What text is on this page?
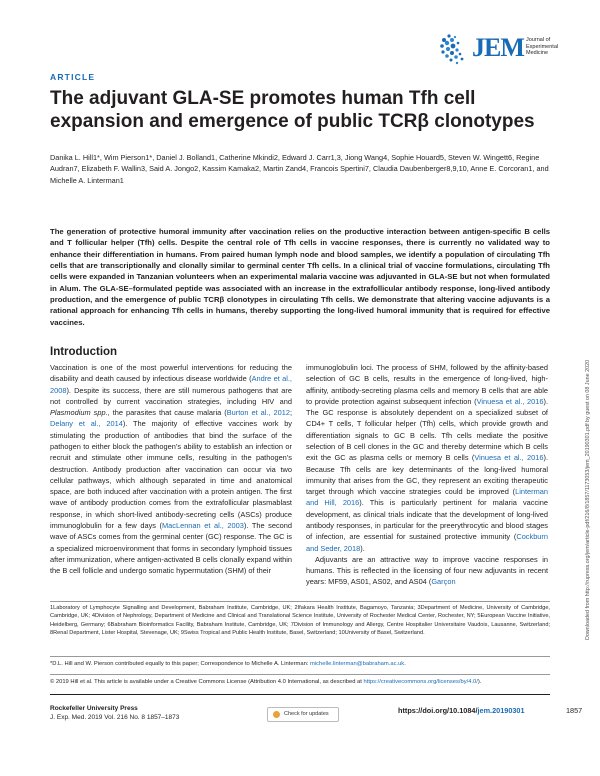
JEM Journal of
Experimental
Medicine
ARTICLE
The adjuvant GLA-SE promotes human Tfh cell expansion and emergence of public TCRβ clonotypes
Danika L. Hill1*, Wim Pierson1*, Daniel J. Bolland1, Catherine Mkindi2, Edward J. Carr1,3, Jiong Wang4, Sophie Houard5, Steven W. Wingett6, Regine Audran7, Elizabeth F. Wallin3, Said A. Jongo2, Kassim Kamaka2, Martin Zand4, Francois Spertini7, Claudia Daubenberger8,9,10, Anne E. Corcoran1, and Michelle A. Linterman1
The generation of protective humoral immunity after vaccination relies on the productive interaction between antigen-specific B cells and T follicular helper (Tfh) cells. Despite the central role of Tfh cells in vaccine responses, there is currently no validated way to enhance their differentiation in humans. From paired human lymph node and blood samples, we identify a population of circulating Tfh cells that are transcriptionally and clonally similar to germinal center Tfh cells. In a clinical trial of vaccine formulations, circulating Tfh cells were expanded in Tanzanian volunteers when an experimental malaria vaccine was adjuvanted in GLA-SE but not when formulated in Alum. The GLA-SE–formulated peptide was associated with an increase in the extrafollicular antibody response, long-lived antibody production, and the emergence of public TCRβ clonotypes in circulating Tfh cells. We demonstrate that altering vaccine adjuvants is a rational approach for enhancing Tfh cells in humans, thereby supporting the long-lived humoral immunity that is required for effective vaccines.
Downloaded from http://rupress.org/jem/article-pdf/216/8/1857/1173053/jem_20190301.pdf by guest on 08 June 2020
Introduction

Vaccination is one of the most powerful interventions for reducing the disability and death caused by infectious disease worldwide (Andre et al., 2008). Despite its success, there are still numerous pathogens that are not controlled by current vaccination strategies, including HIV and Plasmodium spp., the parasites that cause malaria (Burton et al., 2012; Delany et al., 2014). The majority of effective vaccines work by stimulating the production of antibodies that bind the surface of the pathogen to either block the pathogen’s ability to establish an infection or recruit and stimulate other immune cells, resulting in the pathogen’s destruction. Antibody production after vaccination can occur via two cellular pathways, which although separated in time and anatomical space, are both induced after vaccination with a protein antigen. The first wave of antibody production comes from the extrafollicular plasmablast response, in which short-lived antibody-secreting cells (ASCs) produce immunoglobulin for a few days (MacLennan et al., 2003). The second wave of ASCs comes from the germinal center (GC) response. The GC is a specialized microenvironment that forms in secondary lymphoid tissues after immunization, where antigen-activated B cells clonally expand within the B cell follicle and undergo somatic hypermutation (SHM) of their

immunoglobulin loci. The process of SHM, followed by the affinity-based selection of GC B cells, results in the emergence of long-lived, high-affinity, antibody-secreting plasma cells and memory B cells that are able to provide protection against subsequent infection (Vinuesa et al., 2016). The GC response is absolutely dependent on a specialized subset of CD4+ T cells, T follicular helper (Tfh) cells, which provide growth and differentiation signals to GC B cells. Tfh cells mediate the positive selection of B cell clones in the GC and thereby determine which B cells exit the GC as plasma cells or memory B cells (Vinuesa et al., 2016). Because Tfh cells are key determinants of the long-lived humoral immunity that arises from the GC, they represent an exciting therapeutic target through which vaccine strategies could be improved (Linterman and Hill, 2016). This is particularly pertinent for malaria vaccine development, as clinical trials indicate that the development of long-lived antibody responses, in particular for the preerythrocytic and blood stages of infection, are essential for sustained protective immunity (Cockburn and Seder, 2018).

Adjuvants are an attractive way to improve vaccine responses in humans. This is reflected in the licensing of four new adjuvants in recent years: MF59, AS01, AS02, and AS04 (Garçon

1Laboratory of Lymphocyte Signalling and Development, Babraham Institute, Cambridge, UK; 2Ifakara Health Institute, Bagamoyo, Tanzania; 3Department of Medicine, University of Cambridge, Cambridge, UK; 4Division of Nephrology, Department of Medicine and Clinical and Translational Science Institute, University of Rochester Medical Center, Rochester, NY; 5European Vaccine Initiative, Heidelberg, Germany; 6Babraham Bioinformatics Facility, Babraham Institute, Cambridge, UK; 7Division of Immunology and Allergy, Centre Hospitalier Universitaire Vaudois, Lausanne, Switzerland; 8Renal Department, Lister Hospital, Stevenage, UK; 9Swiss Tropical and Public Health Institute, Basel, Switzerland; 10University of Basel, Switzerland.
*D.L. Hill and W. Pierson contributed equally to this paper; Correspondence to Michelle A. Linterman: michelle.linterman@babraham.ac.uk.
© 2019 Hill et al. This article is available under a Creative Commons License (Attribution 4.0 International, as described at https://creativecommons.org/licenses/by/4.0/).
Rockefeller University Press
J. Exp. Med. 2019 Vol. 216 No. 8 1857–1873	Check for updates	https://doi.org/10.1084/jem.20190301	1857
